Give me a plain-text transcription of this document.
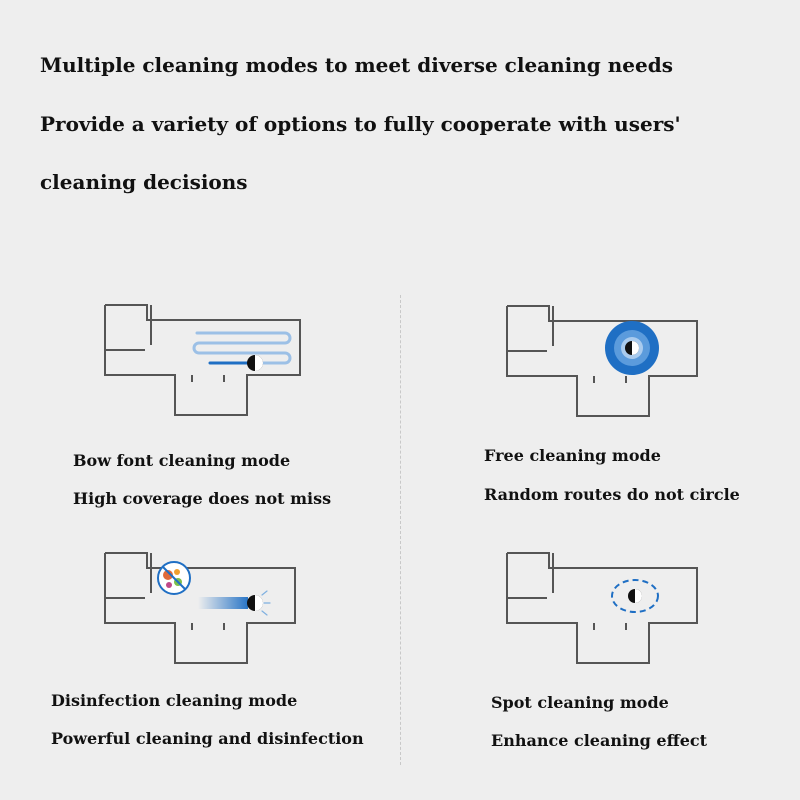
Multiple cleaning modes to meet diverse cleaning needs

Provide a variety of options to fully cooperate with users'

cleaning decisions

Bow font cleaning mode

High coverage does not miss

Free cleaning mode

Random routes do not circle

Disinfection cleaning mode

Powerful cleaning and disinfection

Spot cleaning mode

Enhance cleaning effect
